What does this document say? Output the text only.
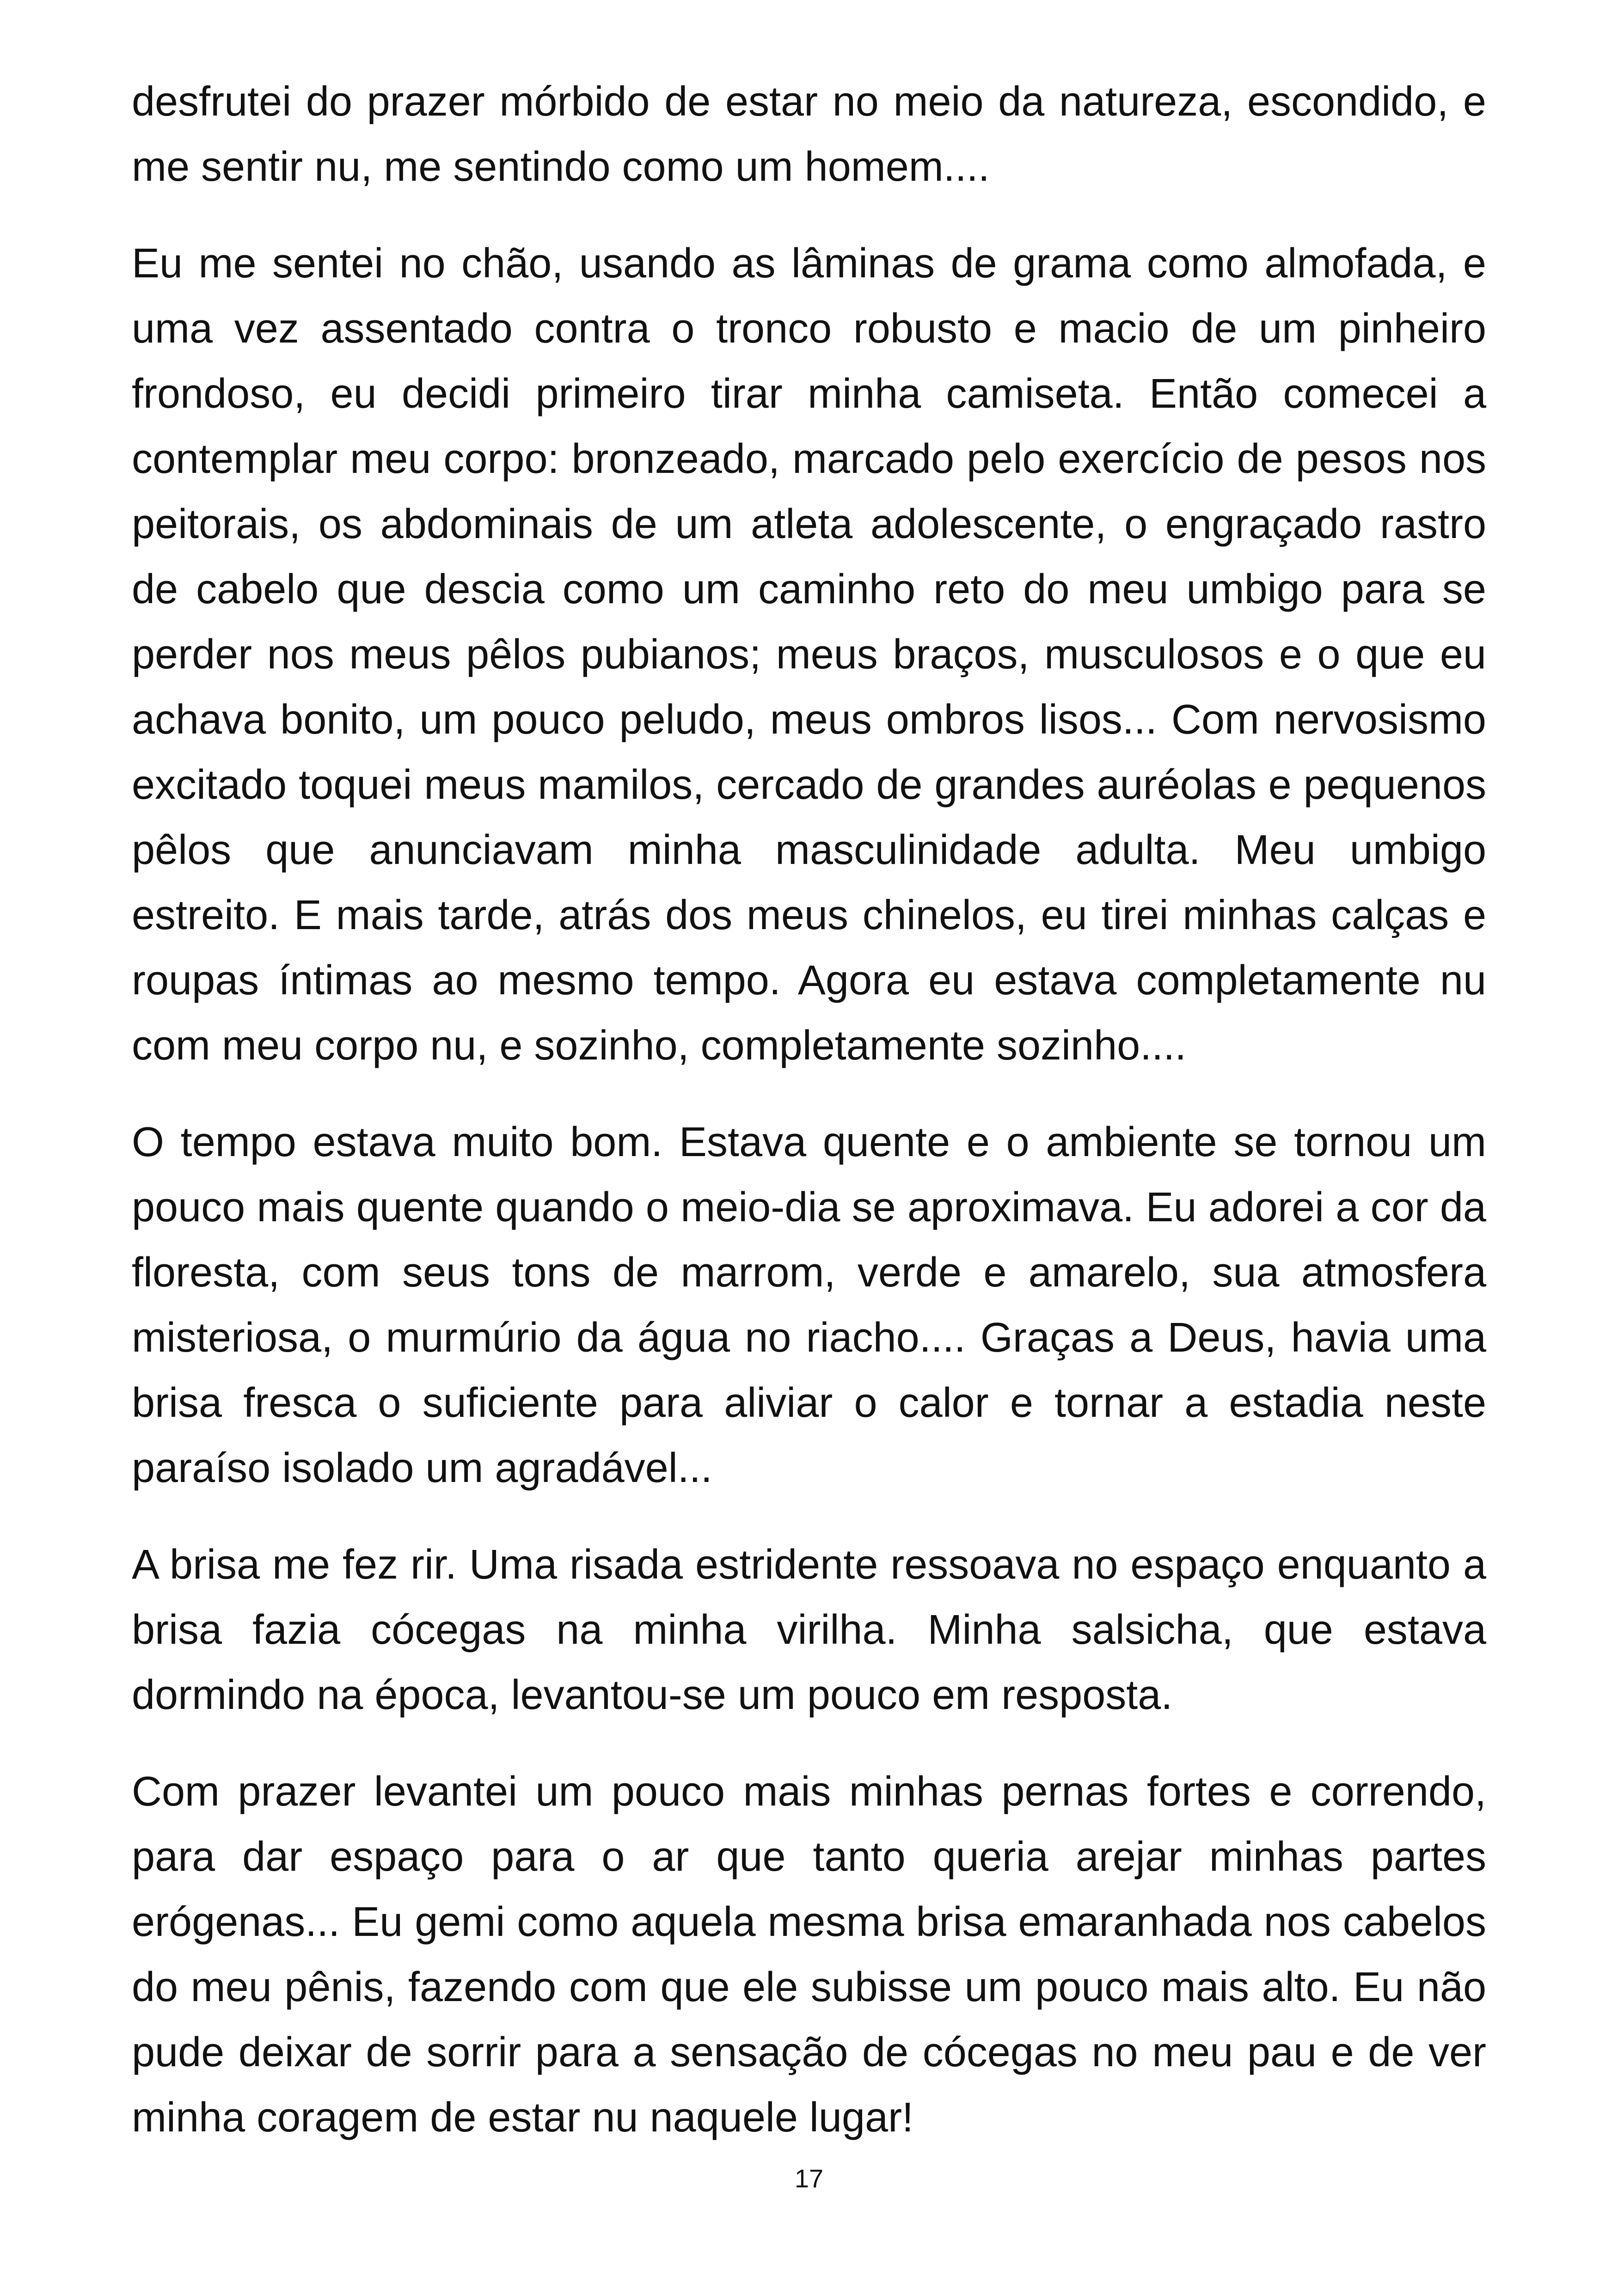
desfrutei do prazer mórbido de estar no meio da natureza, escondido, e me sentir nu, me sentindo como um homem....

Eu me sentei no chão, usando as lâminas de grama como almofada, e uma vez assentado contra o tronco robusto e macio de um pinheiro frondoso, eu decidi primeiro tirar minha camiseta. Então comecei a contemplar meu corpo: bronzeado, marcado pelo exercício de pesos nos peitorais, os abdominais de um atleta adolescente, o engraçado rastro de cabelo que descia como um caminho reto do meu umbigo para se perder nos meus pêlos pubianos; meus braços, musculosos e o que eu achava bonito, um pouco peludo, meus ombros lisos... Com nervosismo excitado toquei meus mamilos, cercado de grandes auréolas e pequenos pêlos que anunciavam minha masculinidade adulta. Meu umbigo estreito. E mais tarde, atrás dos meus chinelos, eu tirei minhas calças e roupas íntimas ao mesmo tempo. Agora eu estava completamente nu com meu corpo nu, e sozinho, completamente sozinho....

O tempo estava muito bom. Estava quente e o ambiente se tornou um pouco mais quente quando o meio-dia se aproximava. Eu adorei a cor da floresta, com seus tons de marrom, verde e amarelo, sua atmosfera misteriosa, o murmúrio da água no riacho.... Graças a Deus, havia uma brisa fresca o suficiente para aliviar o calor e tornar a estadia neste paraíso isolado um agradável...

A brisa me fez rir. Uma risada estridente ressoava no espaço enquanto a brisa fazia cócegas na minha virilha. Minha salsicha, que estava dormindo na época, levantou-se um pouco em resposta.

Com prazer levantei um pouco mais minhas pernas fortes e correndo, para dar espaço para o ar que tanto queria arejar minhas partes erógenas... Eu gemi como aquela mesma brisa emaranhada nos cabelos do meu pênis, fazendo com que ele subisse um pouco mais alto. Eu não pude deixar de sorrir para a sensação de cócegas no meu pau e de ver minha coragem de estar nu naquele lugar!

17
